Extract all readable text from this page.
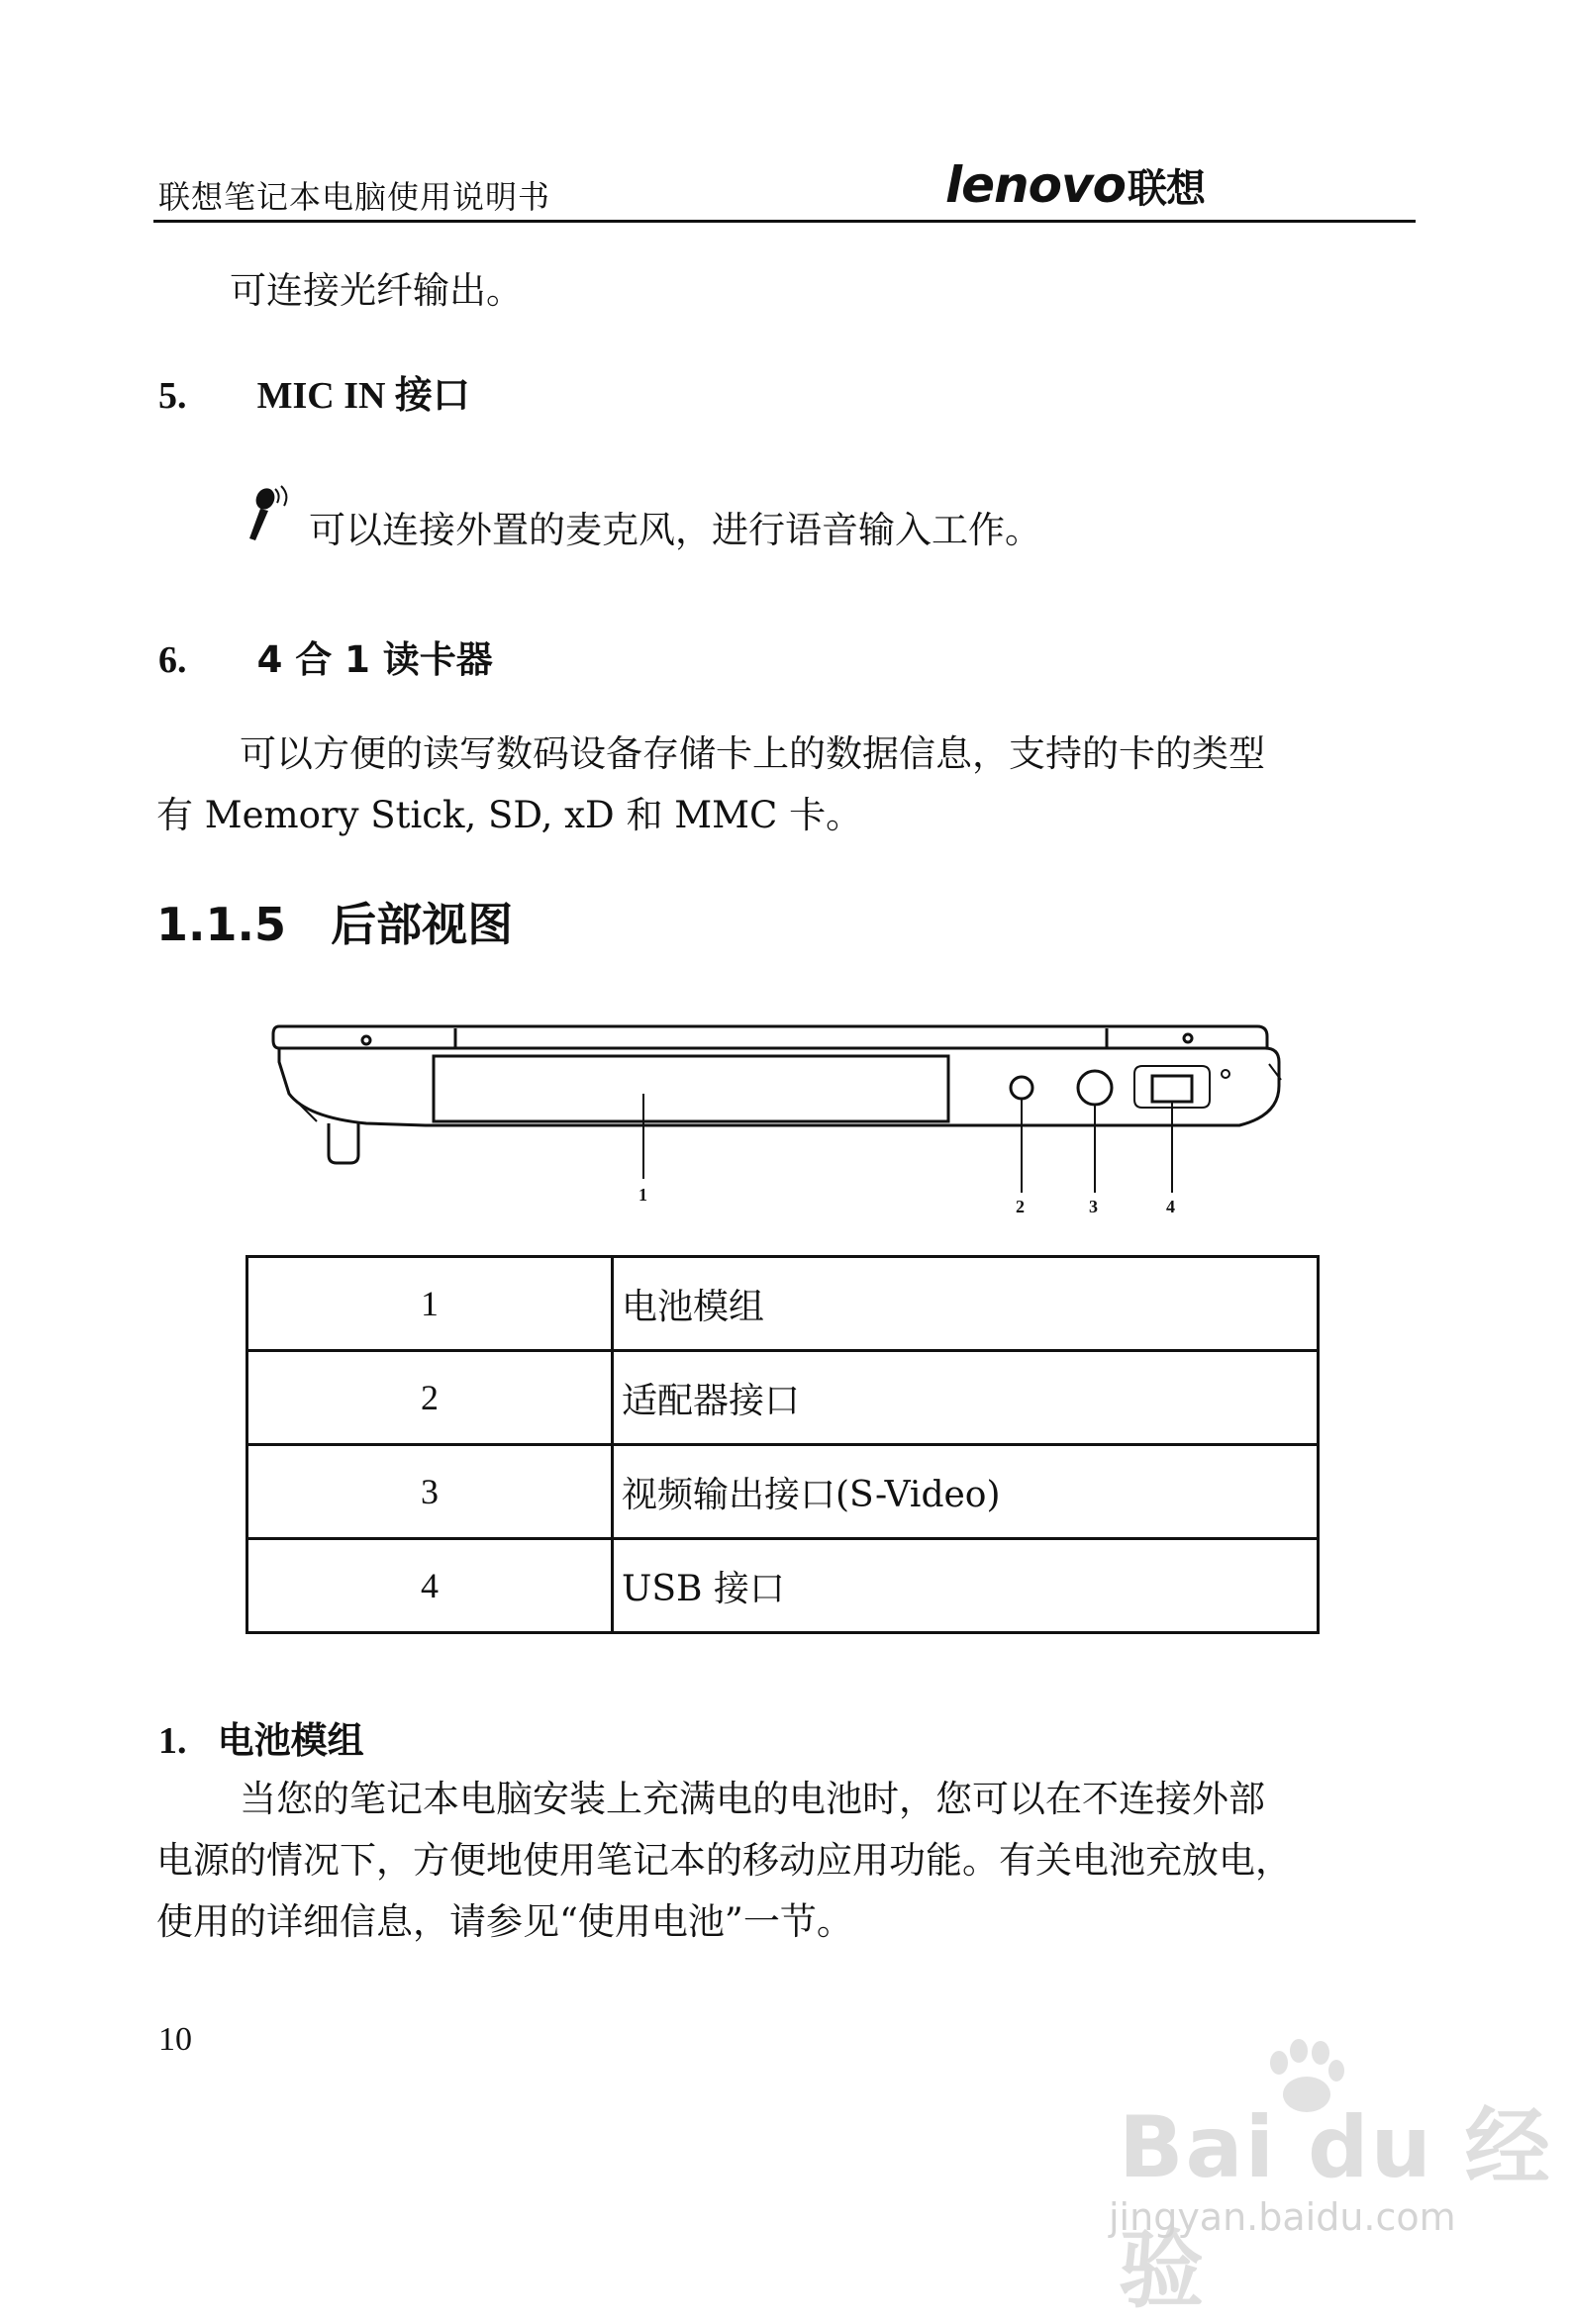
联想笔记本电脑使用说明书	lenovo联想
可连接光纤输出。
5. MIC IN 接口
可以连接外置的麦克风，进行语音输入工作。
6. 4 合 1 读卡器
可以方便的读写数码设备存储卡上的数据信息，支持的卡的类型
有 Memory Stick, SD, xD 和 MMC 卡。
1.1.5 后部视图
1
2	3	4
1	电池模组
2	适配器接口
3	视频输出接口(S-Video)
4	USB 接口
1. 电池模组
当您的笔记本电脑安装上充满电的电池时，您可以在不连接外部
电源的情况下，方便地使用笔记本的移动应用功能。有关电池充放电，
使用的详细信息，请参见“使用电池”一节。
10
Bai du 经验
jingyan.baidu.com
